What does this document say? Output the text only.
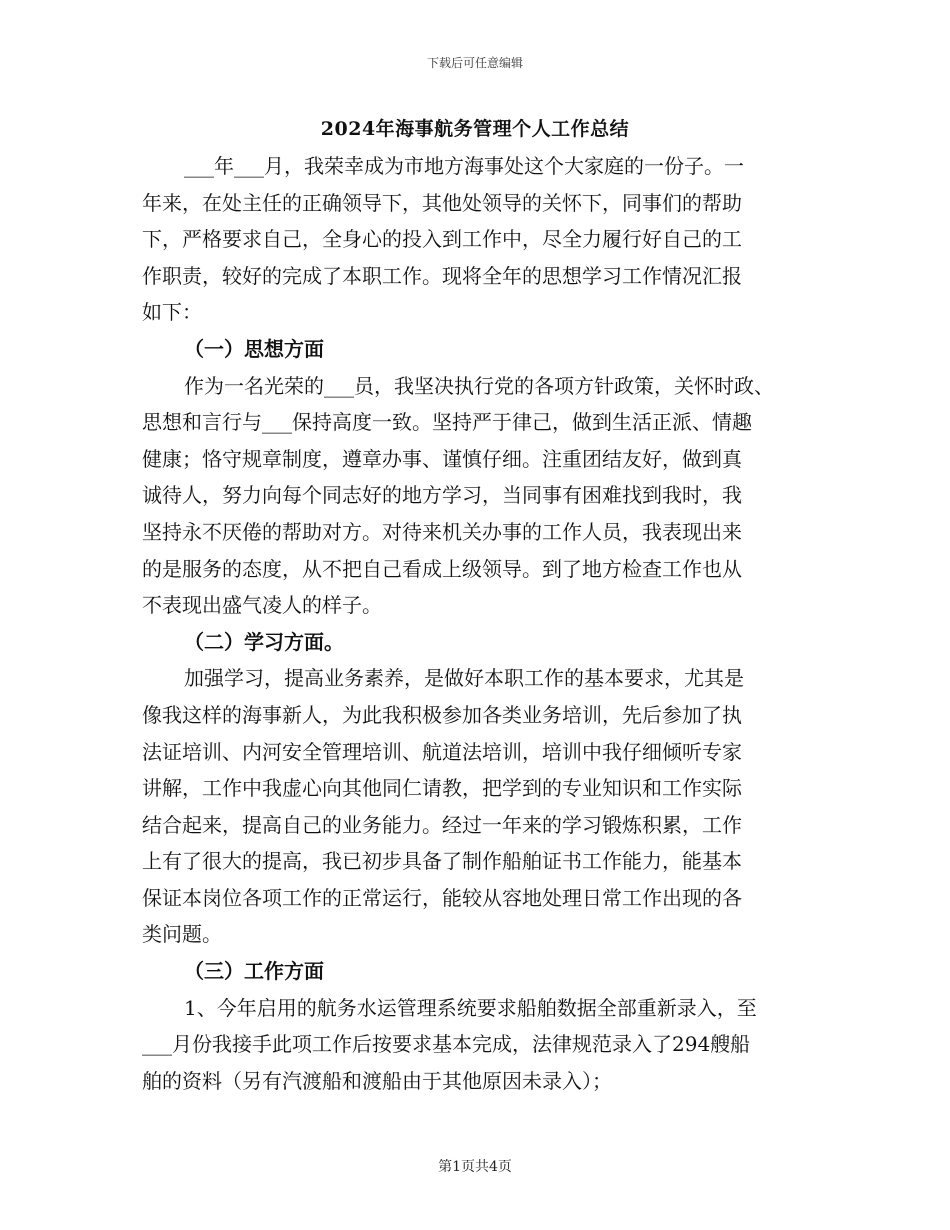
下载后可任意编辑
2024年海事航务管理个人工作总结
___年___月，我荣幸成为市地方海事处这个大家庭的一份子。一
年来，在处主任的正确领导下，其他处领导的关怀下，同事们的帮助
下，严格要求自己，全身心的投入到工作中，尽全力履行好自己的工
作职责，较好的完成了本职工作。现将全年的思想学习工作情况汇报
如下：
（一）思想方面
作为一名光荣的___员，我坚决执行党的各项方针政策，关怀时政、
思想和言行与___保持高度一致。坚持严于律己，做到生活正派、情趣
健康；恪守规章制度，遵章办事、谨慎仔细。注重团结友好，做到真
诚待人，努力向每个同志好的地方学习，当同事有困难找到我时，我
坚持永不厌倦的帮助对方。对待来机关办事的工作人员，我表现出来
的是服务的态度，从不把自己看成上级领导。到了地方检查工作也从
不表现出盛气凌人的样子。
（二）学习方面。
加强学习，提高业务素养，是做好本职工作的基本要求，尤其是
像我这样的海事新人，为此我积极参加各类业务培训，先后参加了执
法证培训、内河安全管理培训、航道法培训，培训中我仔细倾听专家
讲解，工作中我虚心向其他同仁请教，把学到的专业知识和工作实际
结合起来，提高自己的业务能力。经过一年来的学习锻炼积累，工作
上有了很大的提高，我已初步具备了制作船舶证书工作能力，能基本
保证本岗位各项工作的正常运行，能较从容地处理日常工作出现的各
类问题。
（三）工作方面
1、今年启用的航务水运管理系统要求船舶数据全部重新录入，至
___月份我接手此项工作后按要求基本完成，法律规范录入了294艘船
舶的资料（另有汽渡船和渡船由于其他原因未录入）；
第1页共4页
